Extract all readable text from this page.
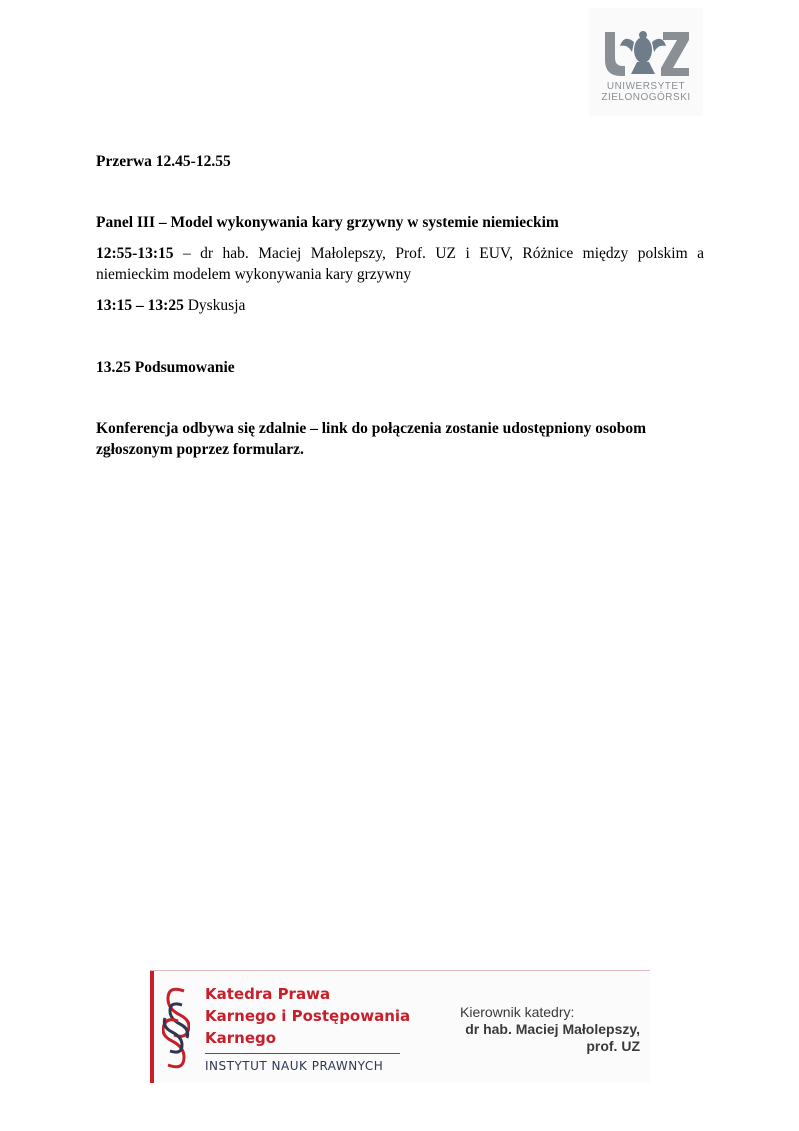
UNIWERSYTET
ZIELONOGÓRSKI
Przerwa 12.45-12.55
Panel III – Model wykonywania kary grzywny w systemie niemieckim
12:55-13:15 – dr hab. Maciej Małolepszy, Prof. UZ i EUV, Różnice między polskim a niemieckim modelem wykonywania kary grzywny
13:15 – 13:25 Dyskusja
13.25 Podsumowanie
Konferencja odbywa się zdalnie – link do połączenia zostanie udostępniony osobom zgłoszonym poprzez formularz.
Katedra Prawa
Karnego i Postępowania
Karnego
INSTYTUT NAUK PRAWNYCH
Kierownik katedry:
dr hab. Maciej Małolepszy,
prof. UZ
